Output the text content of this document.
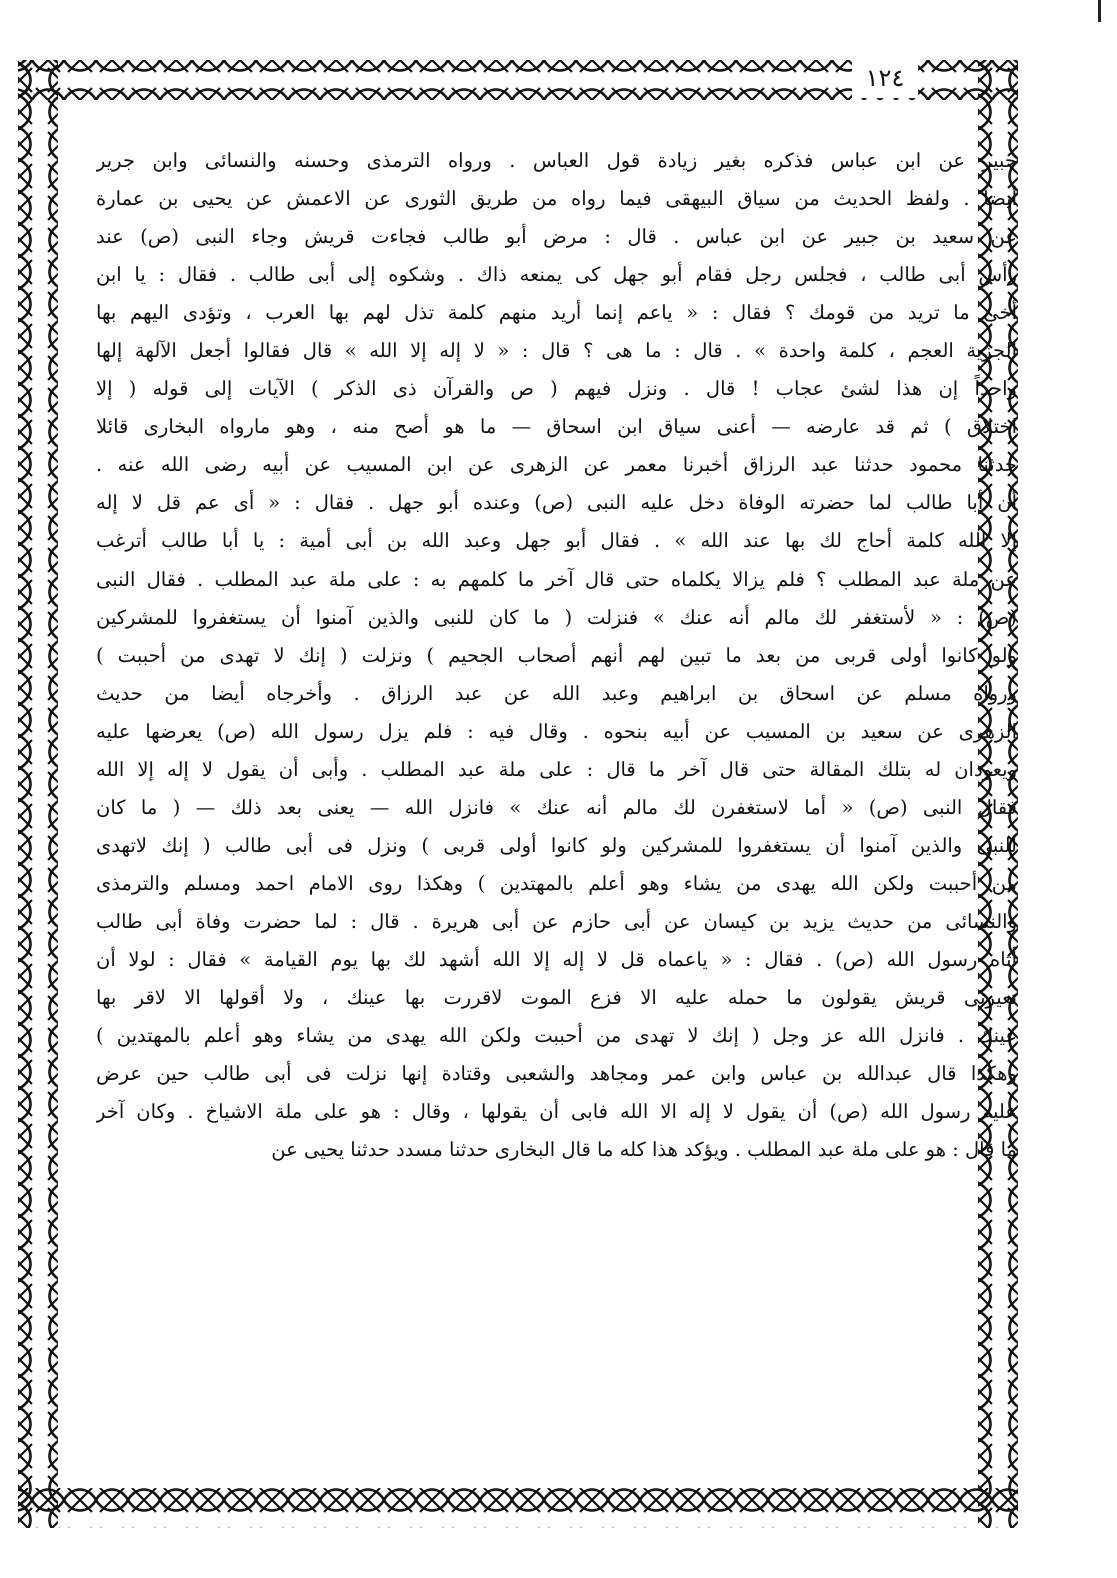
١٢٤
جبير عن ابن عباس فذكره بغير زيادة قول العباس . ورواه الترمذى وحسنه والنسائى وابن جرير
أيضا . ولفظ الحديث من سياق البيهقى فيما رواه من طريق الثورى عن الاعمش عن يحيى بن عمارة
عن سعيد بن جبير عن ابن عباس . قال : مرض أبو طالب فجاءت قريش وجاء النبى (ص) عند
رأس أبى طالب ، فجلس رجل فقام أبو جهل كى يمنعه ذاك . وشكوه إلى أبى طالب . فقال : يا ابن
أخى ما تريد من قومك ؟ فقال : « ياعم إنما أريد منهم كلمة تذل لهم بها العرب ، وتؤدى اليهم بها
الجزية العجم ، كلمة واحدة » . قال : ما هى ؟ قال : « لا إله إلا الله » قال فقالوا أجعل الآلهة إلها
واحداً إن هذا لشئ عجاب ! قال . ونزل فيهم ( ص والقرآن ذى الذكر ) الآيات إلى قوله ( إلا
اختلاق ) ثم قد عارضه — أعنى سياق ابن اسحاق — ما هو أصح منه ، وهو مارواه البخارى قائلا
حدثنا محمود حدثنا عبد الرزاق أخبرنا معمر عن الزهرى عن ابن المسيب عن أبيه رضى الله عنه .
أن أبا طالب لما حضرته الوفاة دخل عليه النبى (ص) وعنده أبو جهل . فقال : « أى عم قل لا إله
إلا الله كلمة أحاج لك بها عند الله » . فقال أبو جهل وعبد الله بن أبى أمية : يا أبا طالب أترغب
عن ملة عبد المطلب ؟ فلم يزالا يكلماه حتى قال آخر ما كلمهم به : على ملة عبد المطلب . فقال النبى
(ص) : « لأستغفر لك مالم أنه عنك » فنزلت ( ما كان للنبى والذين آمنوا أن يستغفروا للمشركين
ولو كانوا أولى قربى من بعد ما تبين لهم أنهم أصحاب الجحيم ) ونزلت ( إنك لا تهدى من أحببت )
ورواه مسلم عن اسحاق بن ابراهيم وعبد الله عن عبد الرزاق . وأخرجاه أيضا من حديث
الزهرى عن سعيد بن المسيب عن أبيه بنحوه . وقال فيه : فلم يزل رسول الله (ص) يعرضها عليه
ويعودان له بتلك المقالة حتى قال آخر ما قال : على ملة عبد المطلب . وأبى أن يقول لا إله إلا الله
فقال النبى (ص) « أما لاستغفرن لك مالم أنه عنك » فانزل الله — يعنى بعد ذلك — ( ما كان
للنبى والذين آمنوا أن يستغفروا للمشركين ولو كانوا أولى قربى ) ونزل فى أبى طالب ( إنك لاتهدى
من أحببت ولكن الله يهدى من يشاء وهو أعلم بالمهتدين ) وهكذا روى الامام احمد ومسلم والترمذى
والنسائى من حديث يزيد بن كيسان عن أبى حازم عن أبى هريرة . قال : لما حضرت وفاة أبى طالب
أتاه رسول الله (ص) . فقال : « ياعماه قل لا إله إلا الله أشهد لك بها يوم القيامة » فقال : لولا أن
تعيرنى قريش يقولون ما حمله عليه الا فزع الموت لاقررت بها عينك ، ولا أقولها الا لاقر بها
عينك . فانزل الله عز وجل ( إنك لا تهدى من أحببت ولكن الله يهدى من يشاء وهو أعلم بالمهتدين )
وهكذا قال عبدالله بن عباس وابن عمر ومجاهد والشعبى وقتادة إنها نزلت فى أبى طالب حين عرض
عليه رسول الله (ص) أن يقول لا إله الا الله فابى أن يقولها ، وقال : هو على ملة الاشياخ . وكان آخر
ما قال : هو على ملة عبد المطلب . ويؤكد هذا كله ما قال البخارى حدثنا مسدد حدثنا يحيى عن
